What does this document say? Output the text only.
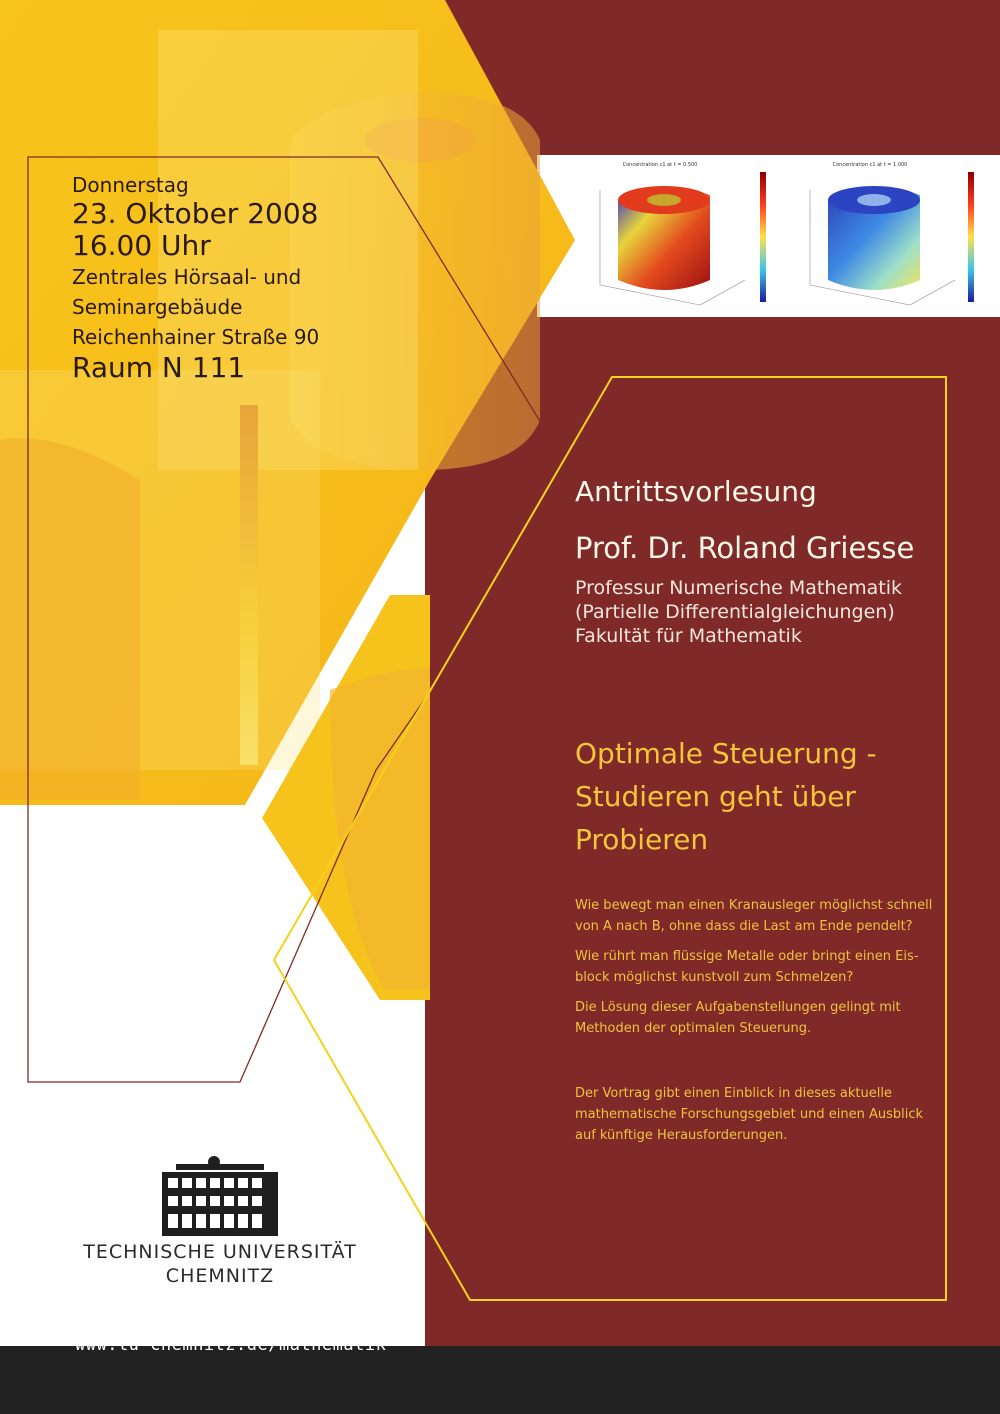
Concentration c1 at t = 0.500	Concentration c1 at t = 1.000
Donnerstag
23. Oktober 2008
16.00 Uhr
Zentrales Hörsaal- und
Seminargebäude
Reichenhainer Straße 90
Raum N 111
Antrittsvorlesung
Prof. Dr. Roland Griesse
Professur Numerische Mathematik
(Partielle Differentialgleichungen)
Fakultät für Mathematik
Optimale Steuerung -
Studieren geht über
Probieren

Wie bewegt man einen Kranausleger möglichst schnell
von A nach B, ohne dass die Last am Ende pendelt?

Wie rührt man flüssige Metalle oder bringt einen Eis-
block möglichst kunstvoll zum Schmelzen?

Die Lösung dieser Aufgabenstellungen gelingt mit
Methoden der optimalen Steuerung.

Der Vortrag gibt einen Einblick in dieses aktuelle
mathematische Forschungsgebiet und einen Ausblick
auf künftige Herausforderungen.

TECHNISCHE UNIVERSITÄT
CHEMNITZ
www.tu-chemnitz.de/mathematik
